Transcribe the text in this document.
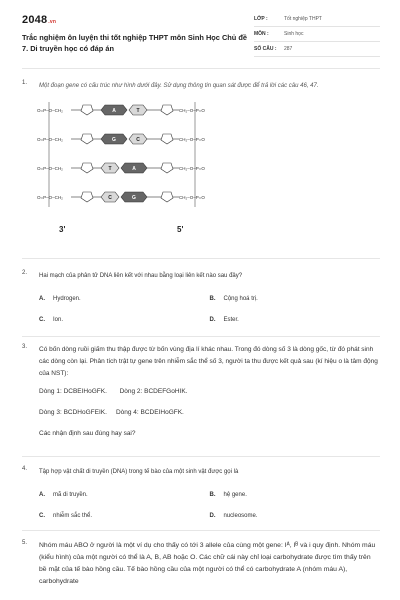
2048.vn
Trắc nghiệm ôn luyện thi tốt nghiệp THPT môn Sinh Học Chủ đề 7. Di truyền học có đáp án
LỚP :	Tốt nghiệp THPT
MÔN :	Sinh học
SỐ CÂU :	287
1. Một đoạn gene có cấu trúc như hình dưới đây. Sử dụng thông tin quan sát được để trả lời các câu 46, 47.
O=P–O–CH₂	A	T	CH₂–O–P=O
O=P–O–CH₂	G	C	CH₂–O–P=O
O=P–O–CH₂	T	A	CH₂–O–P=O
O=P–O–CH₂	C	G	CH₂–O–P=O
3'	5'
2. Hai mạch của phân tử DNA liên kết với nhau bằng loại liên kết nào sau đây?
A. Hydrogen.	B. Cộng hoá trị.
C. Ion.	D. Ester.
3. Có bốn dòng ruồi giấm thu thập được từ bốn vùng địa lí khác nhau. Trong đó dòng số 3 là dòng gốc, từ đó phát sinh các dòng còn lại. Phân tích trật tự gene trên nhiễm sắc thể số 3, người ta thu được kết quả sau (kí hiệu o là tâm động của NST):

Dòng 1: DCBEIHoGFK. Dòng 2: BCDEFGoHIK.

Dòng 3: BCDHoGFEIK. Dòng 4: BCDEIHoGFK.

Các nhận định sau đúng hay sai?

4. Tập hợp vật chất di truyền (DNA) trong tế bào của một sinh vật được gọi là
A. mã di truyền.	B. hệ gene.
C. nhiễm sắc thể.	D. nucleosome.
5. Nhóm máu ABO ở người là một ví dụ cho thấy có tới 3 allele của cùng một gene: Iᴬ, Iᴮ và i quy định. Nhóm máu (kiểu hình) của một người có thể là A, B, AB hoặc O. Các chữ cái này chỉ loại carbohydrate được tìm thấy trên bề mặt của tế bào hồng cầu. Tế bào hồng cầu của một người có thể có carbohydrate A (nhóm máu A), carbohydrate
